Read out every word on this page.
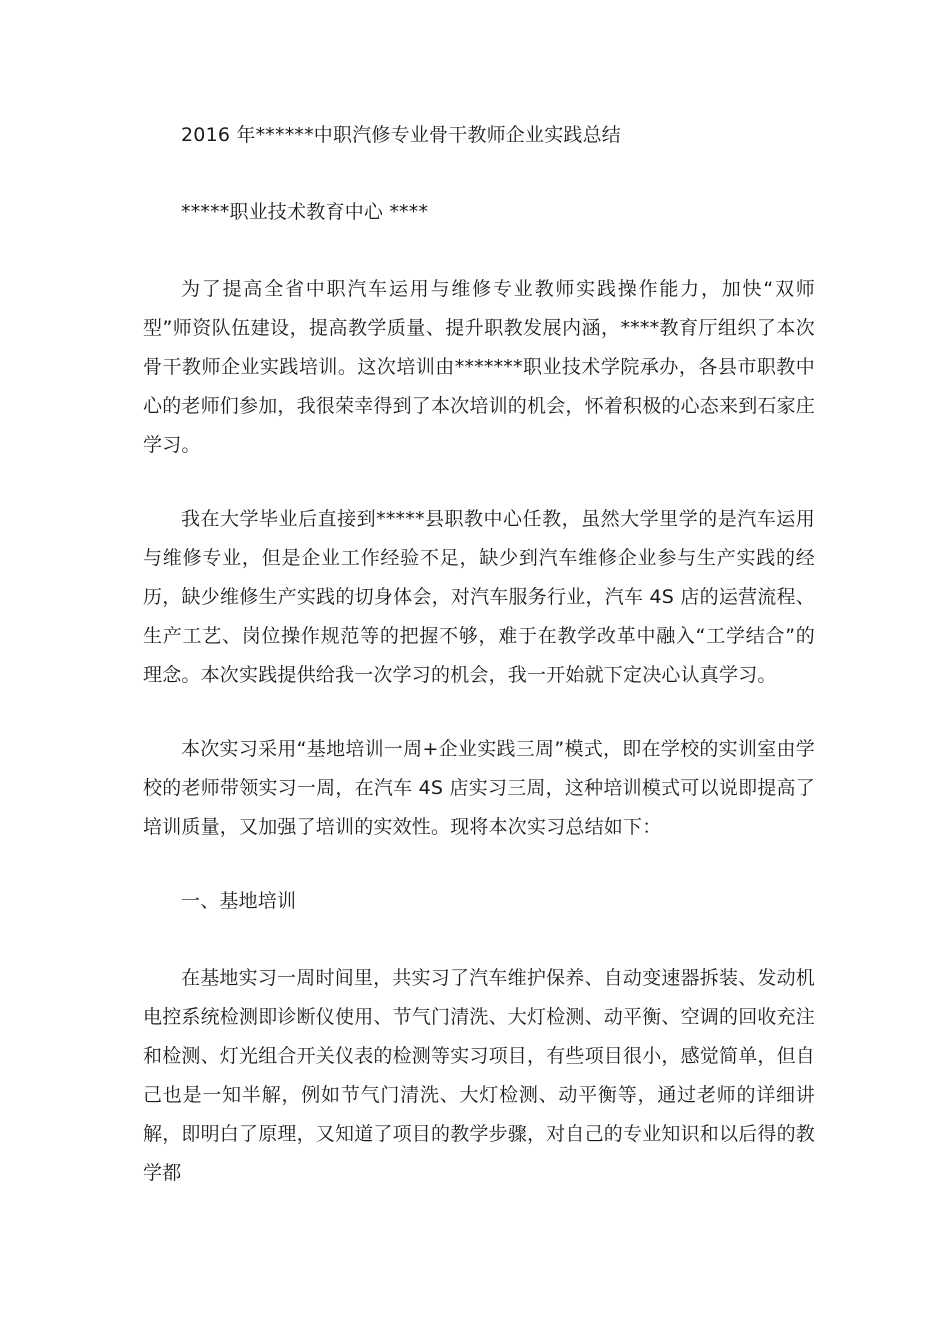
2016 年******中职汽修专业骨干教师企业实践总结

*****职业技术教育中心 ****

为了提高全省中职汽车运用与维修专业教师实践操作能力，加快“双师型”师资队伍建设，提高教学质量、提升职教发展内涵，****教育厅组织了本次骨干教师企业实践培训。这次培训由*******职业技术学院承办，各县市职教中心的老师们参加，我很荣幸得到了本次培训的机会，怀着积极的心态来到石家庄学习。

我在大学毕业后直接到*****县职教中心任教，虽然大学里学的是汽车运用与维修专业，但是企业工作经验不足，缺少到汽车维修企业参与生产实践的经历，缺少维修生产实践的切身体会，对汽车服务行业，汽车 4S 店的运营流程、生产工艺、岗位操作规范等的把握不够，难于在教学改革中融入“工学结合”的理念。本次实践提供给我一次学习的机会，我一开始就下定决心认真学习。

本次实习采用“基地培训一周+企业实践三周”模式，即在学校的实训室由学校的老师带领实习一周，在汽车 4S 店实习三周，这种培训模式可以说即提高了培训质量，又加强了培训的实效性。现将本次实习总结如下：

一、基地培训

在基地实习一周时间里，共实习了汽车维护保养、自动变速器拆装、发动机电控系统检测即诊断仪使用、节气门清洗、大灯检测、动平衡、空调的回收充注和检测、灯光组合开关仪表的检测等实习项目，有些项目很小，感觉简单，但自己也是一知半解，例如节气门清洗、大灯检测、动平衡等，通过老师的详细讲解，即明白了原理，又知道了项目的教学步骤，对自己的专业知识和以后得的教学都
